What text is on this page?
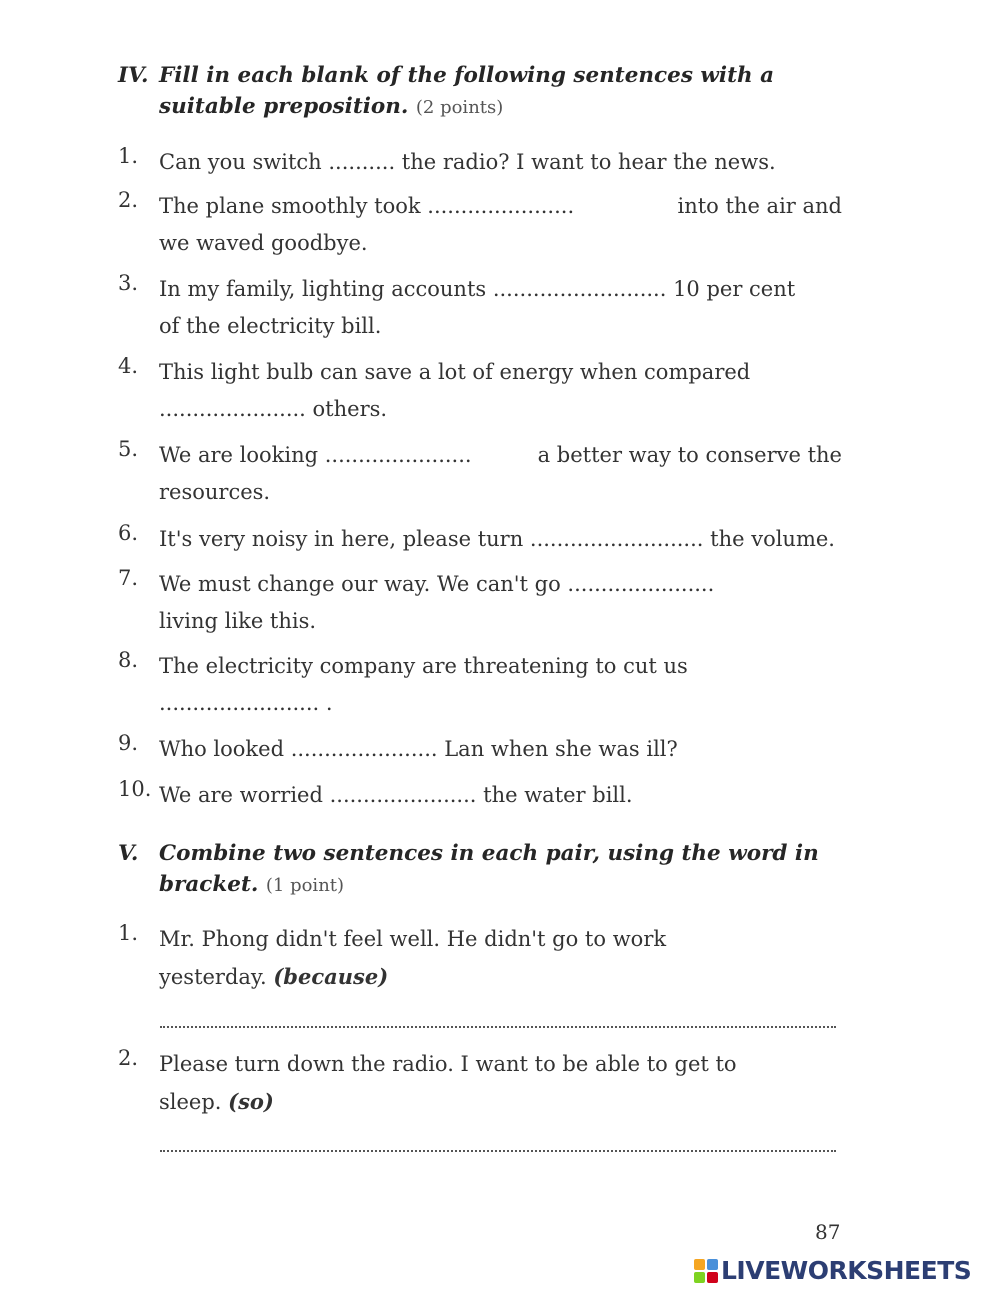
IV. Fill in each blank of the following sentences with a suitable preposition. (2 points)
1. Can you switch .......... the radio? I want to hear the news.
2. The plane smoothly took ......................	into the air and
we waved goodbye.
3. In my family, lighting accounts .......................... 10 per cent
of the electricity bill.
4. This light bulb can save a lot of energy when compared
...................... others.
5. We are looking ......................	a better way to conserve the
resources.
6. It's very noisy in here, please turn .......................... the volume.
7. We must change our way. We can't go ......................
living like this.
8. The electricity company are threatening to cut us
........................ .
9. Who looked ...................... Lan when she was ill?
10. We are worried ...................... the water bill.
V. Combine two sentences in each pair, using the word in bracket. (1 point)
1. Mr. Phong didn't feel well. He didn't go to work
yesterday. (because)
2. Please turn down the radio. I want to be able to get to
sleep. (so)
87
LIVEWORKSHEETS
